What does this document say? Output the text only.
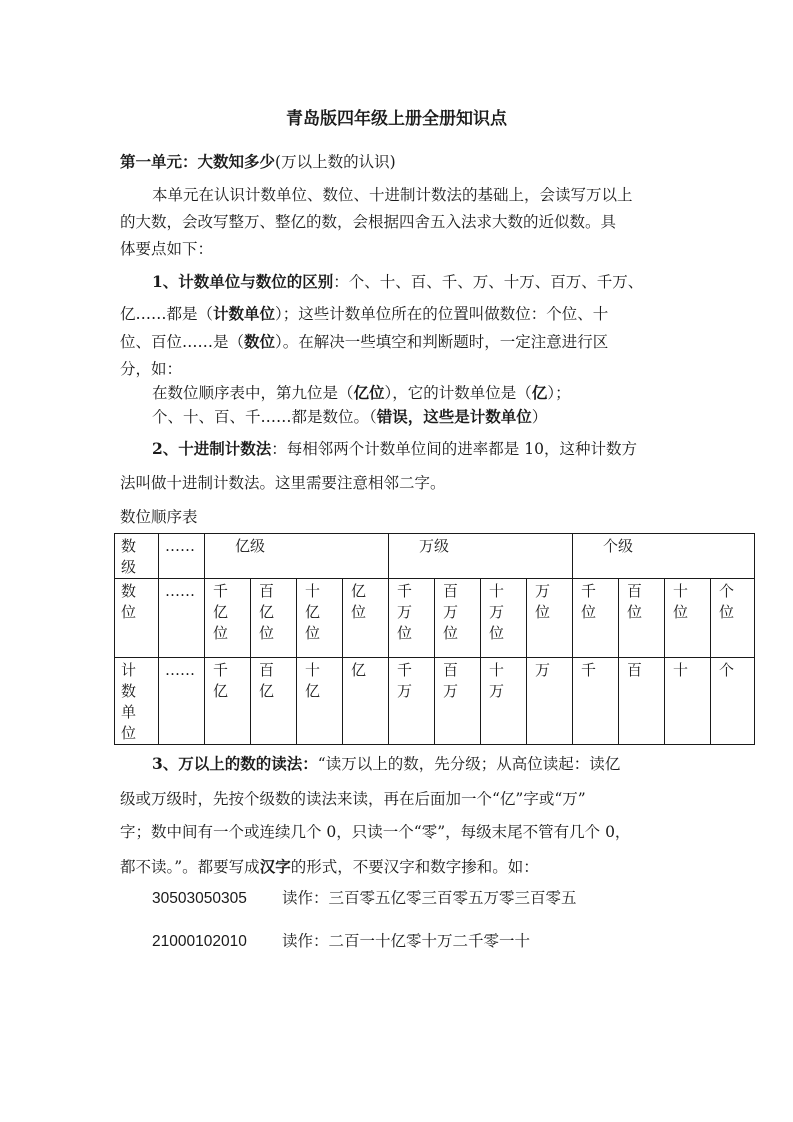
青岛版四年级上册全册知识点
第一单元：大数知多少(万以上数的认识)
本单元在认识计数单位、数位、十进制计数法的基础上，会读写万以上
的大数，会改写整万、整亿的数，会根据四舍五入法求大数的近似数。具
体要点如下：
1、计数单位与数位的区别：个、十、百、千、万、十万、百万、千万、
亿……都是（计数单位）；这些计数单位所在的位置叫做数位：个位、十
位、百位……是（数位）。在解决一些填空和判断题时，一定注意进行区
分，如：
在数位顺序表中，第九位是（亿位），它的计数单位是（亿）；
个、十、百、千……都是数位。（错误，这些是计数单位）
2、十进制计数法：每相邻两个计数单位间的进率都是 10，这种计数方
法叫做十进制计数法。这里需要注意相邻二字。
数位顺序表
数
级	……	亿级				万级				个级			

数
位	……	千
亿
位	百
亿
位	十
亿
位	亿
位	千
万
位	百
万
位	十
万
位	万
位	千
位	百
位	十
位	个
位

计
数
单
位	……	千
亿	百
亿	十
亿	亿	千
万	百
万	十
万	万	千	百	十	个
3、万以上的数的读法：“读万以上的数，先分级；从高位读起：读亿
级或万级时，先按个级数的读法来读，再在后面加一个“亿”字或“万”
字；数中间有一个或连续几个 0，只读一个“零”，每级末尾不管有几个 0，
都不读。”。都要写成汉字的形式，不要汉字和数字掺和。如：
30503050305 读作：三百零五亿零三百零五万零三百零五
21000102010 读作：二百一十亿零十万二千零一十
